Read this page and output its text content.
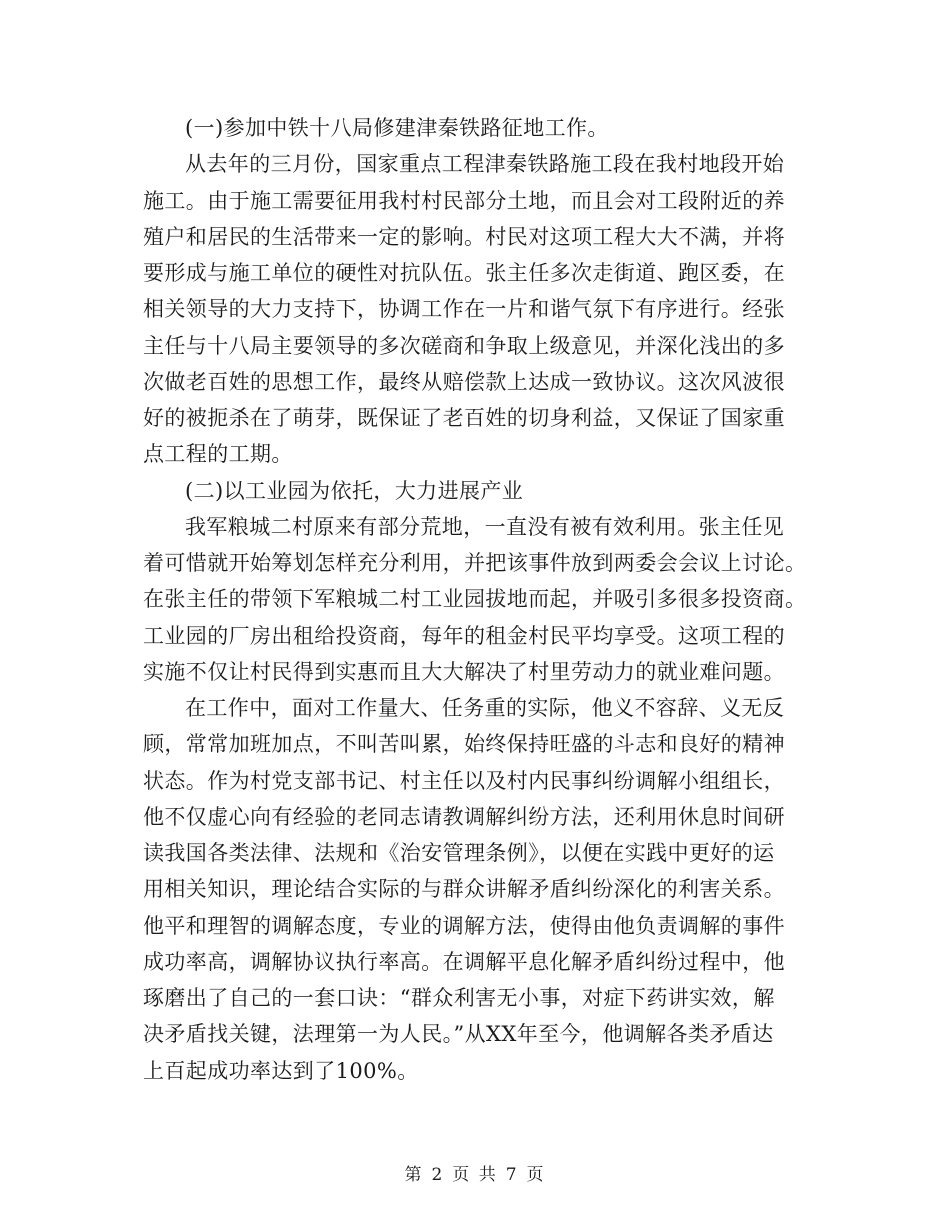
(一)参加中铁十八局修建津秦铁路征地工作。
从去年的三月份，国家重点工程津秦铁路施工段在我村地段开始
施工。由于施工需要征用我村村民部分土地，而且会对工段附近的养
殖户和居民的生活带来一定的影响。村民对这项工程大大不满，并将
要形成与施工单位的硬性对抗队伍。张主任多次走街道、跑区委，在
相关领导的大力支持下，协调工作在一片和谐气氛下有序进行。经张
主任与十八局主要领导的多次磋商和争取上级意见，并深化浅出的多
次做老百姓的思想工作，最终从赔偿款上达成一致协议。这次风波很
好的被扼杀在了萌芽，既保证了老百姓的切身利益，又保证了国家重
点工程的工期。
(二)以工业园为依托，大力进展产业
我军粮城二村原来有部分荒地，一直没有被有效利用。张主任见
着可惜就开始筹划怎样充分利用，并把该事件放到两委会会议上讨论。
在张主任的带领下军粮城二村工业园拔地而起，并吸引多很多投资商。
工业园的厂房出租给投资商，每年的租金村民平均享受。这项工程的
实施不仅让村民得到实惠而且大大解决了村里劳动力的就业难问题。
在工作中，面对工作量大、任务重的实际，他义不容辞、义无反
顾，常常加班加点，不叫苦叫累，始终保持旺盛的斗志和良好的精神
状态。作为村党支部书记、村主任以及村内民事纠纷调解小组组长，
他不仅虚心向有经验的老同志请教调解纠纷方法，还利用休息时间研
读我国各类法律、法规和《治安管理条例》，以便在实践中更好的运
用相关知识，理论结合实际的与群众讲解矛盾纠纷深化的利害关系。
他平和理智的调解态度，专业的调解方法，使得由他负责调解的事件
成功率高，调解协议执行率高。在调解平息化解矛盾纠纷过程中，他
琢磨出了自己的一套口诀：“群众利害无小事，对症下药讲实效，解
决矛盾找关键，法理第一为人民。”从XX年至今，他调解各类矛盾达
上百起成功率达到了100%。
第 2 页 共 7 页
